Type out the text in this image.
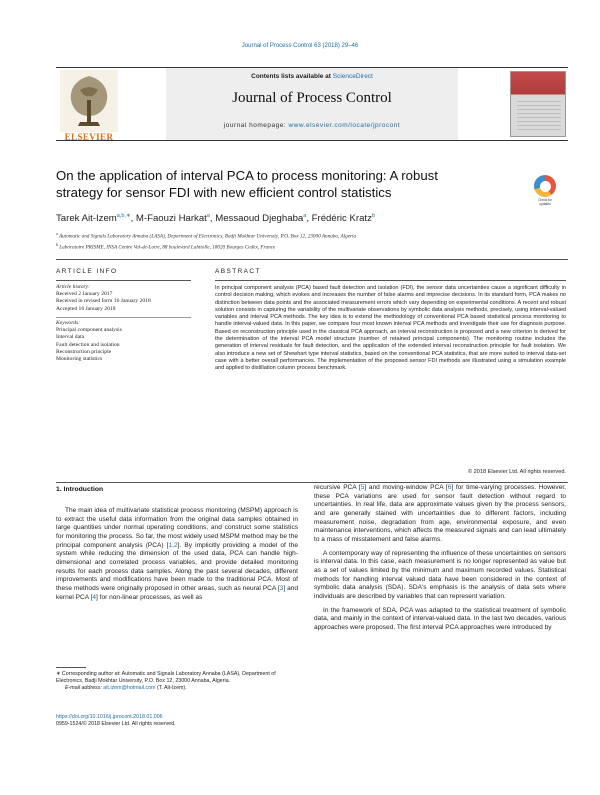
Journal of Process Control 63 (2018) 29–46
ELSEVIER
Contents lists available at ScienceDirect
Journal of Process Control
journal homepage: www.elsevier.com/locate/jprocont
On the application of interval PCA to process monitoring: A robust strategy for sensor FDI with new efficient control statistics	Check for updates
Tarek Ait-Izem$^{a,b,∗}$, M-Faouzi Harkat$^a$, Messaoud Djeghaba$^a$, Frédéric Kratz$^b$
$^a$ Automatic and Signals Laboratory Annaba (LASA), Department of Electronics, Badji Mokhtar University, P.O. Box 12, 23000 Annaba, Algeria
$^b$ Laboratoire PRISME, INSA Centre Val-de-Loire, 88 boulevard Lahitolle, 18020 Bourges Cedex, France
ARTICLE INFO	ABSTRACT
Article history:
Received 2 January 2017
Received in revised form 16 January 2018
Accepted 16 January 2018
Keywords:
Principal component analysis
Interval data
Fault detection and isolation
Reconstruction principle
Monitoring statistics
In principal component analysis (PCA) based fault detection and isolation (FDI), the sensor data uncertainties cause a significant difficulty in control decision making, which evokes and increases the number of false alarms and imprecise decisions. In its standard form, PCA makes no distinction between data points and the associated measurement errors which vary depending on experimental conditions. A recent and robust solution consists in capturing the variability of the multivariate observations by symbolic data analysis methods, precisely, using interval-valued variables and interval PCA methods. The key idea is to extend the methodology of conventional PCA based statistical process monitoring to handle interval-valued data. In this paper, we compare four most known interval PCA methods and investigate their use for diagnosis purpose. Based on reconstruction principle used in the classical PCA approach, an interval reconstruction is proposed and a new criterion is derived for the determination of the interval PCA model structure (number of retained principal components). The monitoring routine includes the generation of interval residuals for fault detection, and the application of the extended interval reconstruction principle for fault isolation. We also introduce a new set of Shewhart type interval statistics, based on the conventional PCA statistics, that are more suited to interval data-set case with a better overall performances. The implementation of the proposed sensor FDI methods are illustrated using a simulation example and applied to distillation column process benchmark.
© 2018 Elsevier Ltd. All rights reserved.
1. Introduction

The main idea of multivariate statistical process monitoring (MSPM) approach is to extract the useful data information from the original data samples obtained in large quantities under normal operating conditions, and construct some statistics for monitoring the process. So far, the most widely used MSPM method may be the principal component analysis (PCA) [1,2]. By implicitly providing a model of the system while reducing the dimension of the used data, PCA can handle high-dimensional and correlated process variables, and provide detailed monitoring results for each process data samples. Along the past several decades, different improvements and modifications have been made to the traditional PCA. Most of these methods were originally proposed in other areas, such as neural PCA [3] and kernel PCA [4] for non-linear processes, as well as

recursive PCA [5] and moving-window PCA [6] for time-varying processes. However, these PCA variations are used for sensor fault detection without regard to uncertainties. In real life, data are approximate values given by the process sensors, and are generally stained with uncertainties due to different factors, including measurement noise, degradation from age, environmental exposure, and even maintenance interventions, which affects the measured signals and can lead ultimately to a mass of misstatement and false alarms.

A contemporary way of representing the influence of these uncertainties on sensors is interval data. In this case, each measurement is no longer represented as value but as a set of values limited by the minimum and maximum recorded values. Statistical methods for handling interval valued data have been considered in the context of symbolic data analysis (SDA). SDA's emphasis is the analysis of data sets where individuals are described by variables that can represent variation.

In the framework of SDA, PCA was adapted to the statistical treatment of symbolic data, and mainly in the context of interval-valued data. In the last two decades, various approaches were proposed. The first interval PCA approaches were introduced by

∗ Corresponding author at: Automatic and Signals Laboratory Annaba (LASA), Department of Electronics, Badji Mokhtar University, P.O. Box 12, 23000 Annaba, Algeria.
E-mail address: ait.izem@hotmail.com (T. Ait-Izem).
https://doi.org/10.1016/j.jprocont.2018.01.006
0959-1524/© 2018 Elsevier Ltd. All rights reserved.
